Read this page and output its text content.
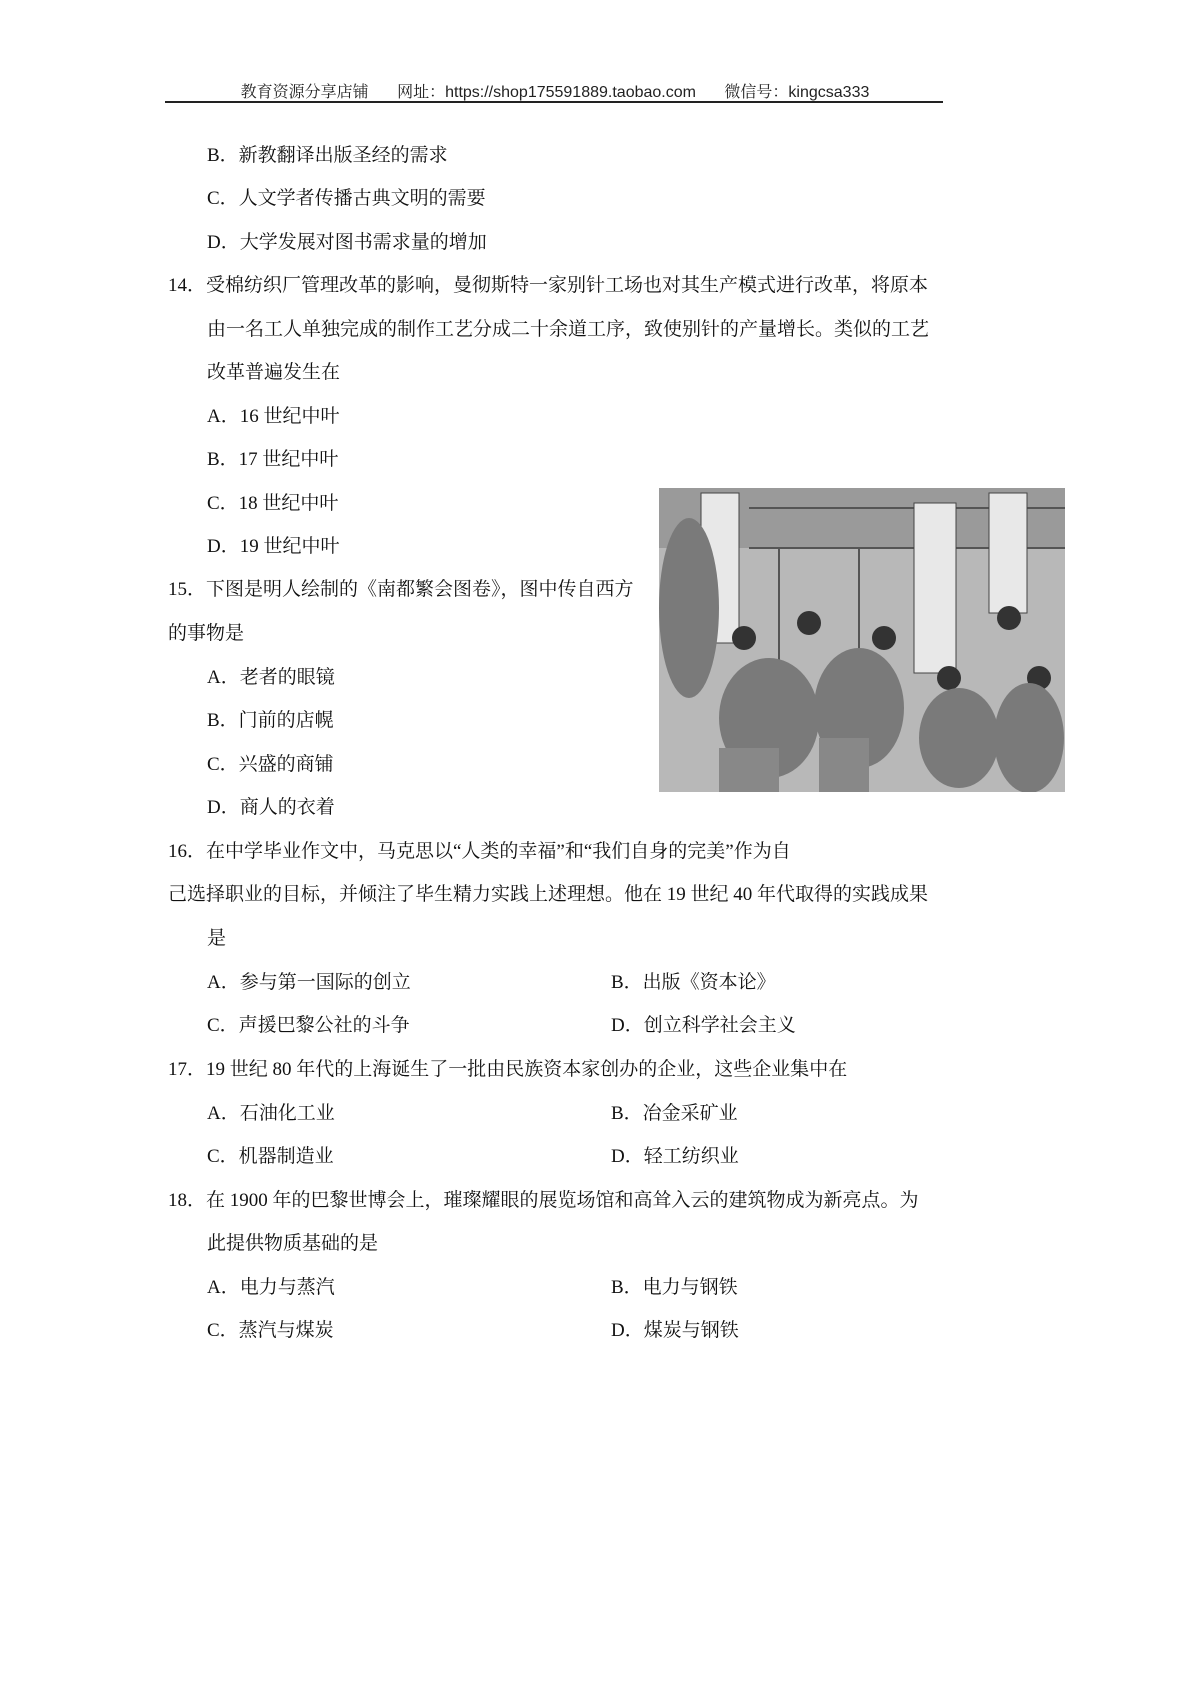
教育资源分享店铺 网址：https://shop175591889.taobao.com 微信号：kingcsa333
B．新教翻译出版圣经的需求
C．人文学者传播古典文明的需要
D．大学发展对图书需求量的增加
14．受棉纺织厂管理改革的影响，曼彻斯特一家别针工场也对其生产模式进行改革，将原本
由一名工人单独完成的制作工艺分成二十余道工序，致使别针的产量增长。类似的工艺
改革普遍发生在
A．16 世纪中叶
B．17 世纪中叶
C．18 世纪中叶
D．19 世纪中叶
15．下图是明人绘制的《南都繁会图卷》，图中传自西方
的事物是
A．老者的眼镜
B．门前的店幌
C．兴盛的商铺
D．商人的衣着
16．在中学毕业作文中，马克思以“人类的幸福”和“我们自身的完美”作为自
己选择职业的目标，并倾注了毕生精力实践上述理想。他在 19 世纪 40 年代取得的实践成果
是
A．参与第一国际的创立	B．出版《资本论》
C．声援巴黎公社的斗争	D．创立科学社会主义
17．19 世纪 80 年代的上海诞生了一批由民族资本家创办的企业，这些企业集中在
A．石油化工业	B．冶金采矿业
C．机器制造业	D．轻工纺织业
18．在 1900 年的巴黎世博会上，璀璨耀眼的展览场馆和高耸入云的建筑物成为新亮点。为
此提供物质基础的是
A．电力与蒸汽	B．电力与钢铁
C．蒸汽与煤炭	D．煤炭与钢铁
